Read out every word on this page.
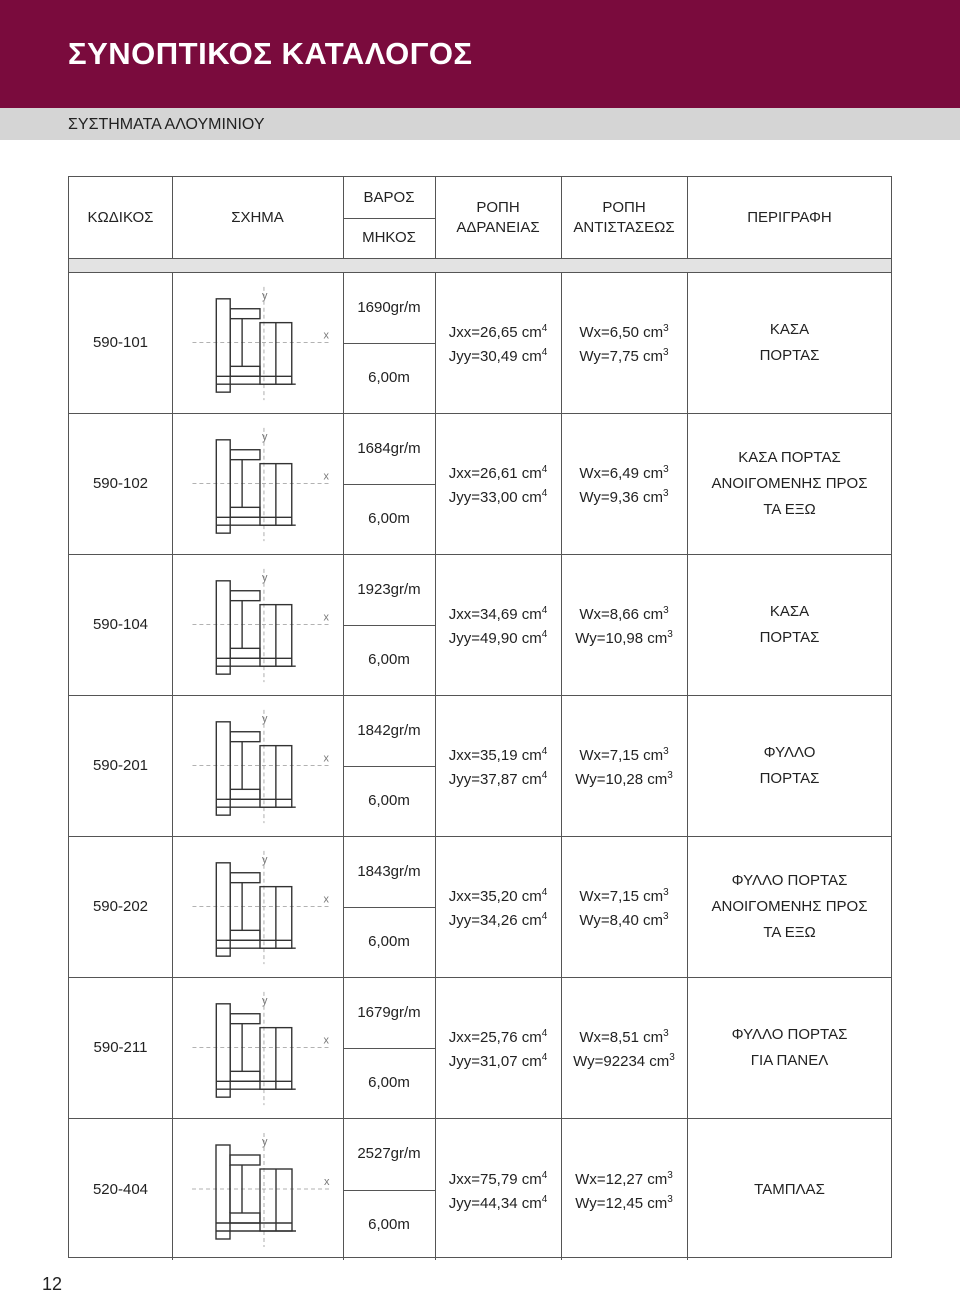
ΣΥΝΟΠΤΙΚΟΣ ΚΑΤΑΛΟΓΟΣ
ΣΥΣΤΗΜΑΤΑ ΑΛΟΥΜΙΝΙΟΥ
ΚΩΔΙΚΟΣ	ΣΧΗΜΑ
ΒΑΡΟΣ
ΜΗΚΟΣ
ΡΟΠΗ
ΑΔΡΑΝΕΙΑΣ
ΡΟΠΗ
ΑΝΤΙΣΤΑΣΕΩΣ
ΠΕΡΙΓΡΑΦΗ
590-101
y
x
1690gr/m
6,00m
Jxx=26,65 $cm^4$
Jyy=30,49 $cm^4$
Wx=6,50 $cm^3$
Wy=7,75 $cm^3$
ΚΑΣΑ
ΠΟΡΤΑΣ
590-102
y
x
1684gr/m
6,00m
Jxx=26,61 $cm^4$
Jyy=33,00 $cm^4$
Wx=6,49 $cm^3$
Wy=9,36 $cm^3$
ΚΑΣΑ ΠΟΡΤΑΣ
ΑΝΟΙΓΟΜΕΝΗΣ ΠΡΟΣ
ΤΑ ΕΞΩ
590-104
y
x
1923gr/m
6,00m
Jxx=34,69 $cm^4$
Jyy=49,90 $cm^4$
Wx=8,66 $cm^3$
Wy=10,98 $cm^3$
ΚΑΣΑ
ΠΟΡΤΑΣ
590-201
y
x
1842gr/m
6,00m
Jxx=35,19 $cm^4$
Jyy=37,87 $cm^4$
Wx=7,15 $cm^3$
Wy=10,28 $cm^3$
ΦΥΛΛΟ
ΠΟΡΤΑΣ
590-202
y
x
1843gr/m
6,00m
Jxx=35,20 $cm^4$
Jyy=34,26 $cm^4$
Wx=7,15 $cm^3$
Wy=8,40 $cm^3$
ΦΥΛΛΟ ΠΟΡΤΑΣ
ΑΝΟΙΓΟΜΕΝΗΣ ΠΡΟΣ
ΤΑ ΕΞΩ
590-211
y
x
1679gr/m
6,00m
Jxx=25,76 $cm^4$
Jyy=31,07 $cm^4$
Wx=8,51 $cm^3$
Wy=92234 $cm^3$
ΦΥΛΛΟ ΠΟΡΤΑΣ
ΓΙΑ ΠΑΝΕΛ
520-404
y
x
2527gr/m
6,00m
Jxx=75,79 $cm^4$
Jyy=44,34 $cm^4$
Wx=12,27 $cm^3$
Wy=12,45 $cm^3$
ΤΑΜΠΛΑΣ
12
